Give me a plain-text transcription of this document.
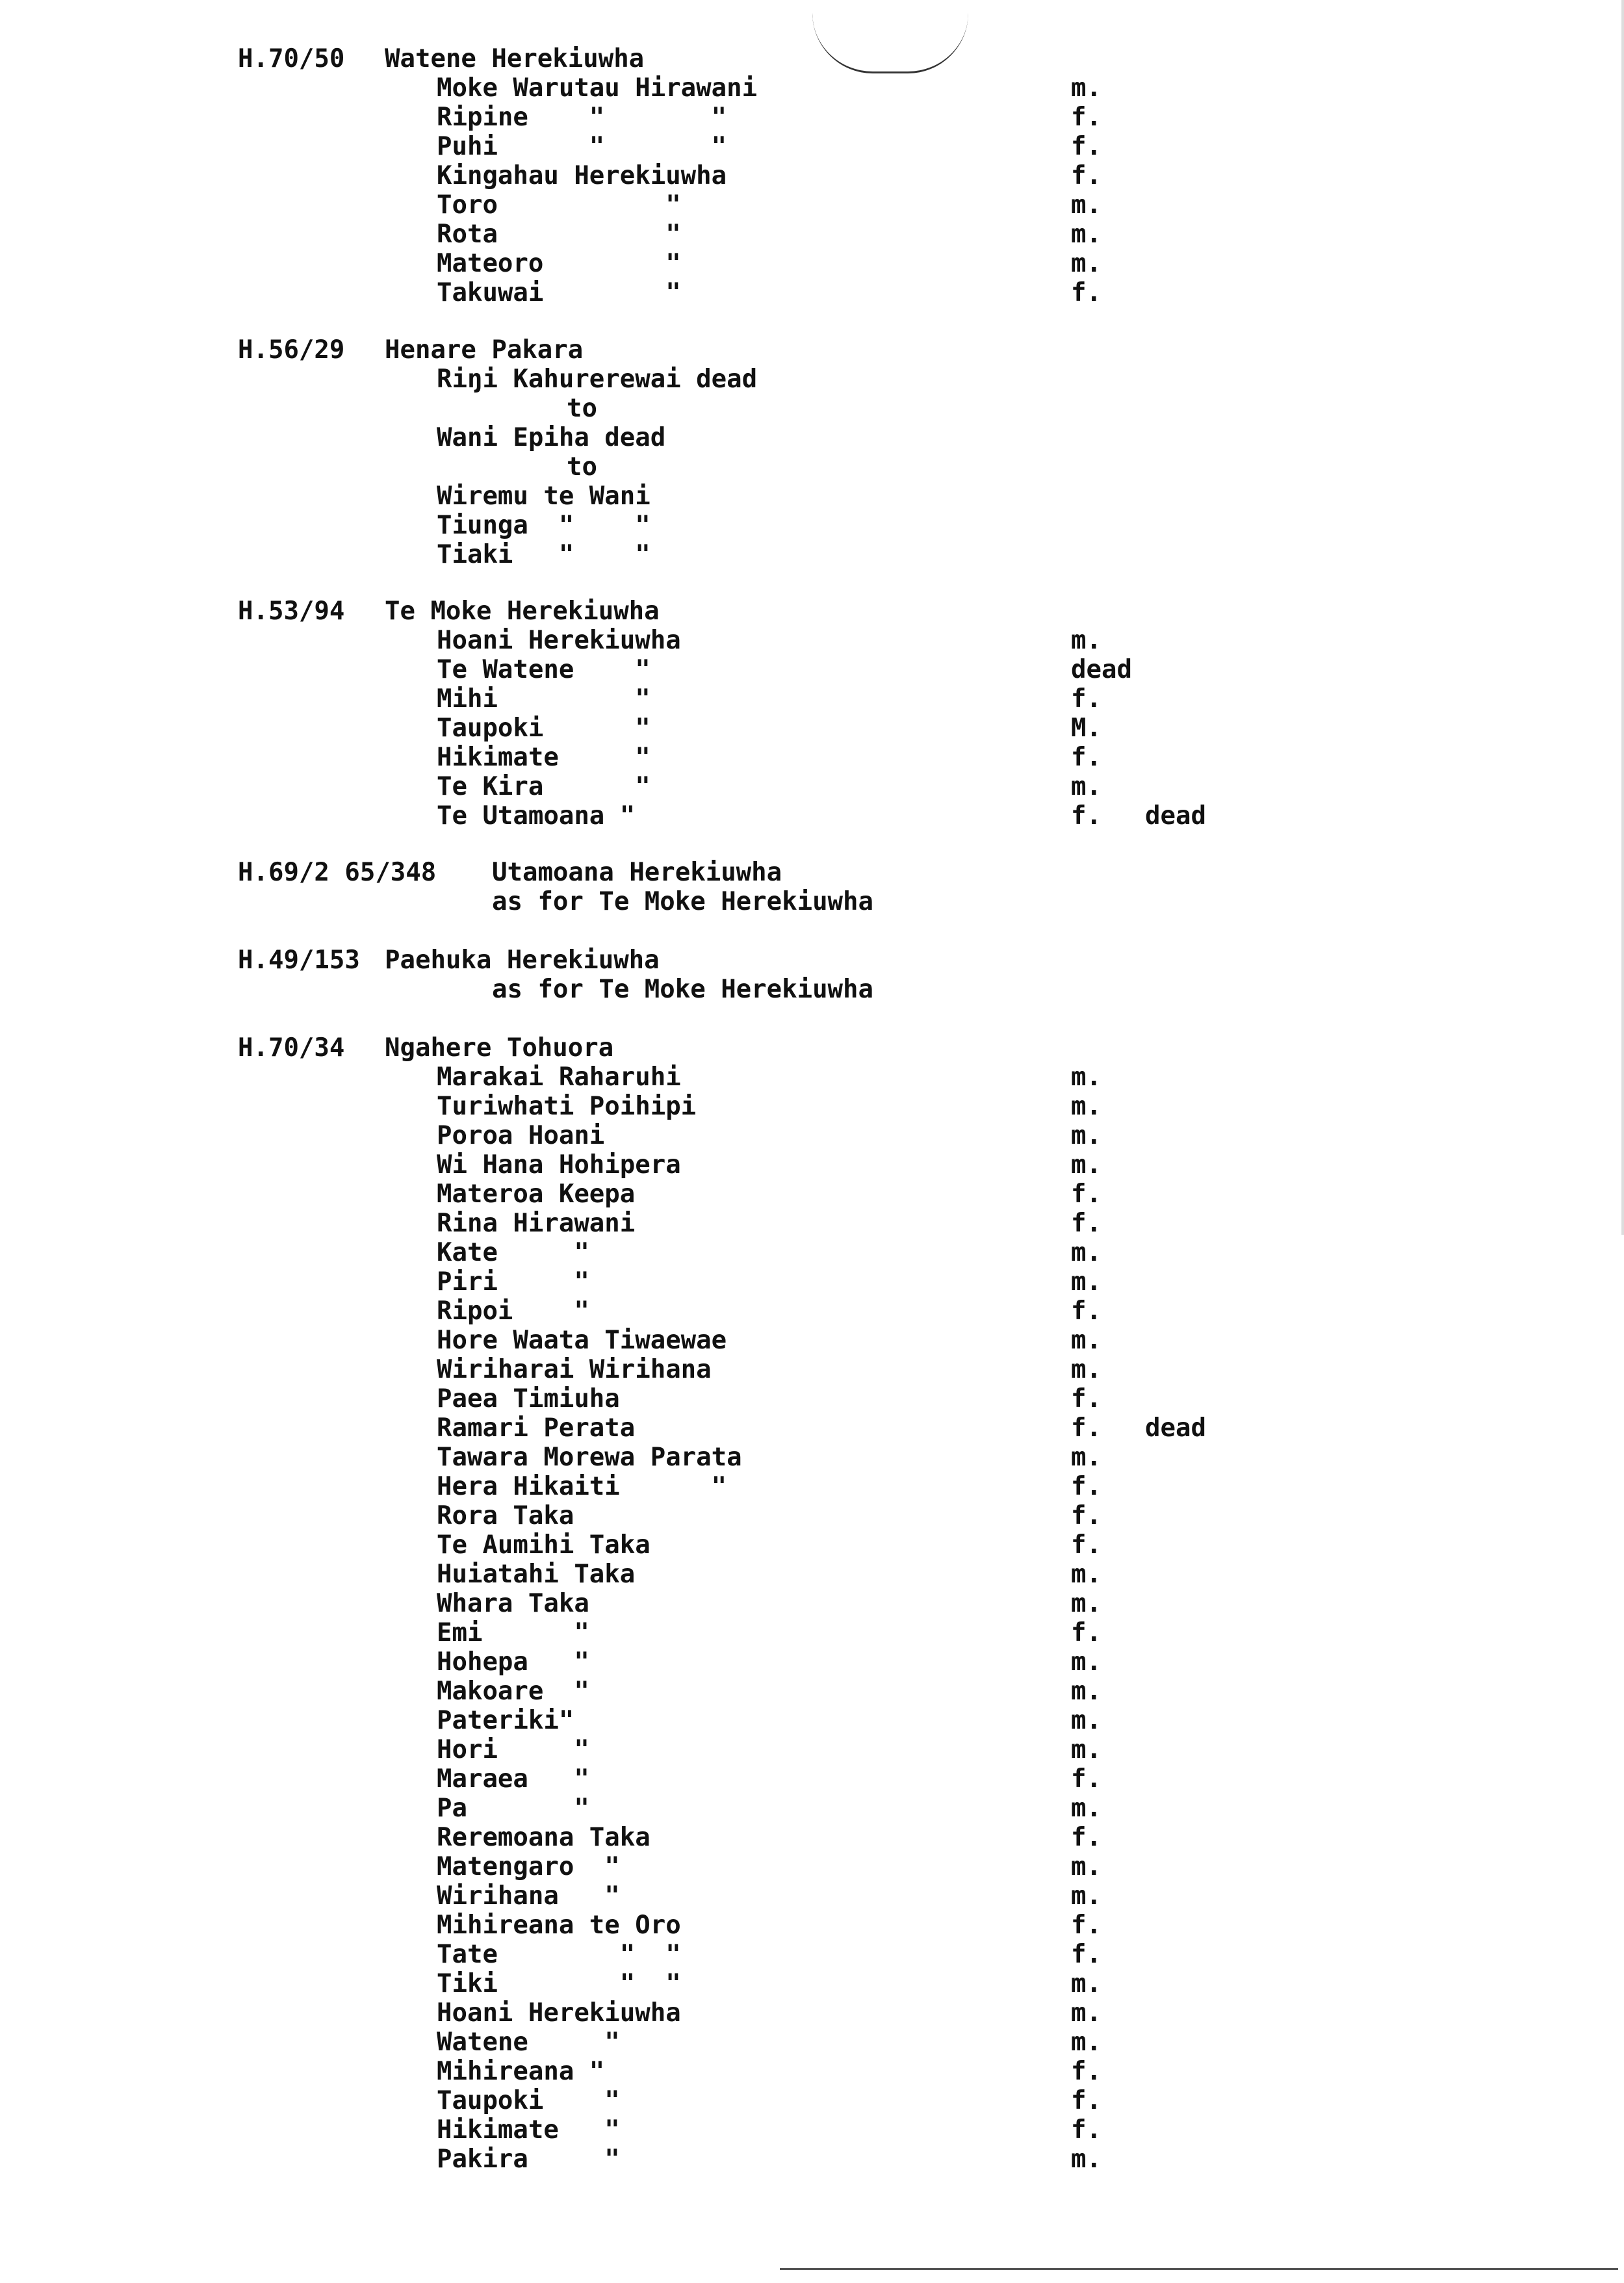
H.70/50 Watene Herekiuwha
Moke Warutau Hirawani	m.
Ripine    "       "	f.
Puhi      "       "	f.
Kingahau Herekiuwha	f.
Toro           "	m.
Rota           "	m.
Mateoro        "	m.
Takuwai        "	f.
H.56/29 Henare Pakara
Riŋi Kahurerewai dead
to
Wani Epiha dead
to
Wiremu te Wani
Tiunga  "    "
Tiaki   "    "
H.53/94 Te Moke Herekiuwha
Hoani Herekiuwha	m.
Te Watene    "	dead
Mihi         "	f.
Taupoki      "	M.
Hikimate     "	f.
Te Kira      "	m.
Te Utamoana "	f. dead
H.69/2 65/348 Utamoana Herekiuwha
as for Te Moke Herekiuwha
H.49/153 Paehuka Herekiuwha
as for Te Moke Herekiuwha
H.70/34 Ngahere Tohuora
Marakai Raharuhi	m.
Turiwhati Poihipi	m.
Poroa Hoani	m.
Wi Hana Hohipera	m.
Materoa Keepa	f.
Rina Hirawani	f.
Kate     "	m.
Piri     "	m.
Ripoi    "	f.
Hore Waata Tiwaewae	m.
Wiriharai Wirihana	m.
Paea Timiuha	f.
Ramari Perata	f. dead
Tawara Morewa Parata	m.
Hera Hikaiti      "	f.
Rora Taka	f.
Te Aumihi Taka	f.
Huiatahi Taka	m.
Whara Taka	m.
Emi      "	f.
Hohepa   "	m.
Makoare  "	m.
Pateriki"	m.
Hori     "	m.
Maraea   "	f.
Pa       "	m.
Reremoana Taka	f.
Matengaro  "	m.
Wirihana   "	m.
Mihireana te Oro	f.
Tate        "  "	f.
Tiki        "  "	m.
Hoani Herekiuwha	m.
Watene     "	m.
Mihireana "	f.
Taupoki    "	f.
Hikimate   "	f.
Pakira     "	m.
